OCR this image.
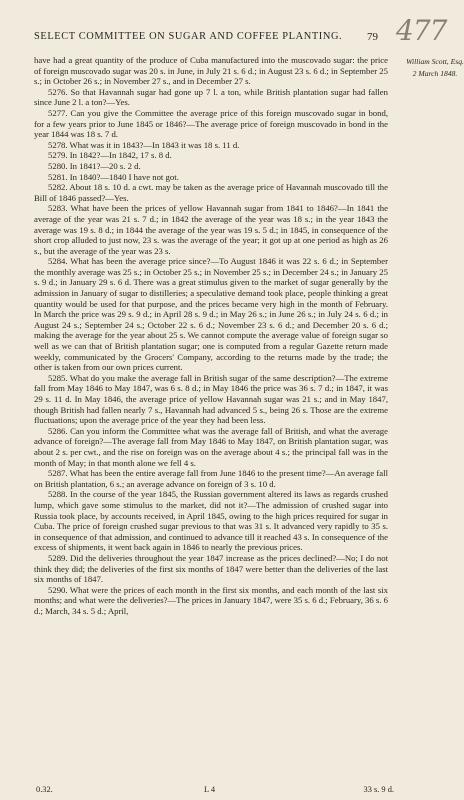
SELECT COMMITTEE ON SUGAR AND COFFEE PLANTING. 79 477
William Scott, Esq.
2 March 1848.

have had a great quantity of the produce of Cuba manufactured into the muscovado sugar: the price of foreign muscovado sugar was 20 s. in June, in July 21 s. 6 d.; in August 23 s. 6 d.; in September 25 s.; in October 26 s.; in November 27 s., and in December 27 s.

5276. So that Havannah sugar had gone up 7 l. a ton, while British plantation sugar had fallen since June 2 l. a ton?—Yes.

5277. Can you give the Committee the average price of this foreign muscovado sugar in bond, for a few years prior to June 1845 or 1846?—The average price of foreign muscovado in bond in the year 1844 was 18 s. 7 d.

5278. What was it in 1843?—In 1843 it was 18 s. 11 d.

5279. In 1842?—In 1842, 17 s. 8 d.

5280. In 1841?—20 s. 2 d.

5281. In 1840?—1840 I have not got.

5282. About 18 s. 10 d. a cwt. may be taken as the average price of Havannah muscovado till the Bill of 1846 passed?—Yes.

5283. What have been the prices of yellow Havannah sugar from 1841 to 1846?—In 1841 the average of the year was 21 s. 7 d.; in 1842 the average of the year was 18 s.; in the year 1843 the average was 19 s. 8 d.; in 1844 the average of the year was 19 s. 5 d.; in 1845, in consequence of the short crop alluded to just now, 23 s. was the average of the year; it got up at one period as high as 26 s., but the average of the year was 23 s.

5284. What has been the average price since?—To August 1846 it was 22 s. 6 d.; in September the monthly average was 25 s.; in October 25 s.; in November 25 s.; in December 24 s.; in January 25 s. 9 d.; in January 29 s. 6 d. There was a great stimulus given to the market of sugar generally by the admission in January of sugar to distilleries; a speculative demand took place, people thinking a great quantity would be used for that purpose, and the prices became very high in the month of February. In March the price was 29 s. 9 d.; in April 28 s. 9 d.; in May 26 s.; in June 26 s.; in July 24 s. 6 d.; in August 24 s.; September 24 s.; October 22 s. 6 d.; November 23 s. 6 d.; and December 20 s. 6 d.; making the average for the year about 25 s. We cannot compute the average value of foreign sugar so well as we can that of British plantation sugar; one is computed from a regular Gazette return made weekly, communicated by the Grocers' Company, according to the returns made by the trade; the other is taken from our own prices current.

5285. What do you make the average fall in British sugar of the same description?—The extreme fall from May 1846 to May 1847, was 6 s. 8 d.; in May 1846 the price was 36 s. 7 d.; in 1847, it was 29 s. 11 d. In May 1846, the average price of yellow Havannah sugar was 21 s.; and in May 1847, though British had fallen nearly 7 s., Havannah had advanced 5 s., being 26 s. Those are the extreme fluctuations; upon the average price of the year they had been less.

5286. Can you inform the Committee what was the average fall of British, and what the average advance of foreign?—The average fall from May 1846 to May 1847, on British plantation sugar, was about 2 s. per cwt., and the rise on foreign was on the average about 4 s.; the principal fall was in the month of May; in that month alone we fell 4 s.

5287. What has been the entire average fall from June 1846 to the present time?—An average fall on British plantation, 6 s.; an average advance on foreign of 3 s. 10 d.

5288. In the course of the year 1845, the Russian government altered its laws as regards crushed lump, which gave some stimulus to the market, did not it?—The admission of crushed sugar into Russia took place, by accounts received, in April 1845, owing to the high prices required for sugar in Cuba. The price of foreign crushed sugar previous to that was 31 s. It advanced very rapidly to 35 s. in consequence of that admission, and continued to advance till it reached 43 s. In consequence of the excess of shipments, it went back again in 1846 to nearly the previous prices.

5289. Did the deliveries throughout the year 1847 increase as the prices declined?—No; I do not think they did; the deliveries of the first six months of 1847 were better than the deliveries of the last six months of 1847.

5290. What were the prices of each month in the first six months, and each month of the last six months; and what were the deliveries?—The prices in January 1847, were 35 s. 6 d.; February, 36 s. 6 d.; March, 34 s. 5 d.; April,

0.32.	L 4	33 s. 9 d.
